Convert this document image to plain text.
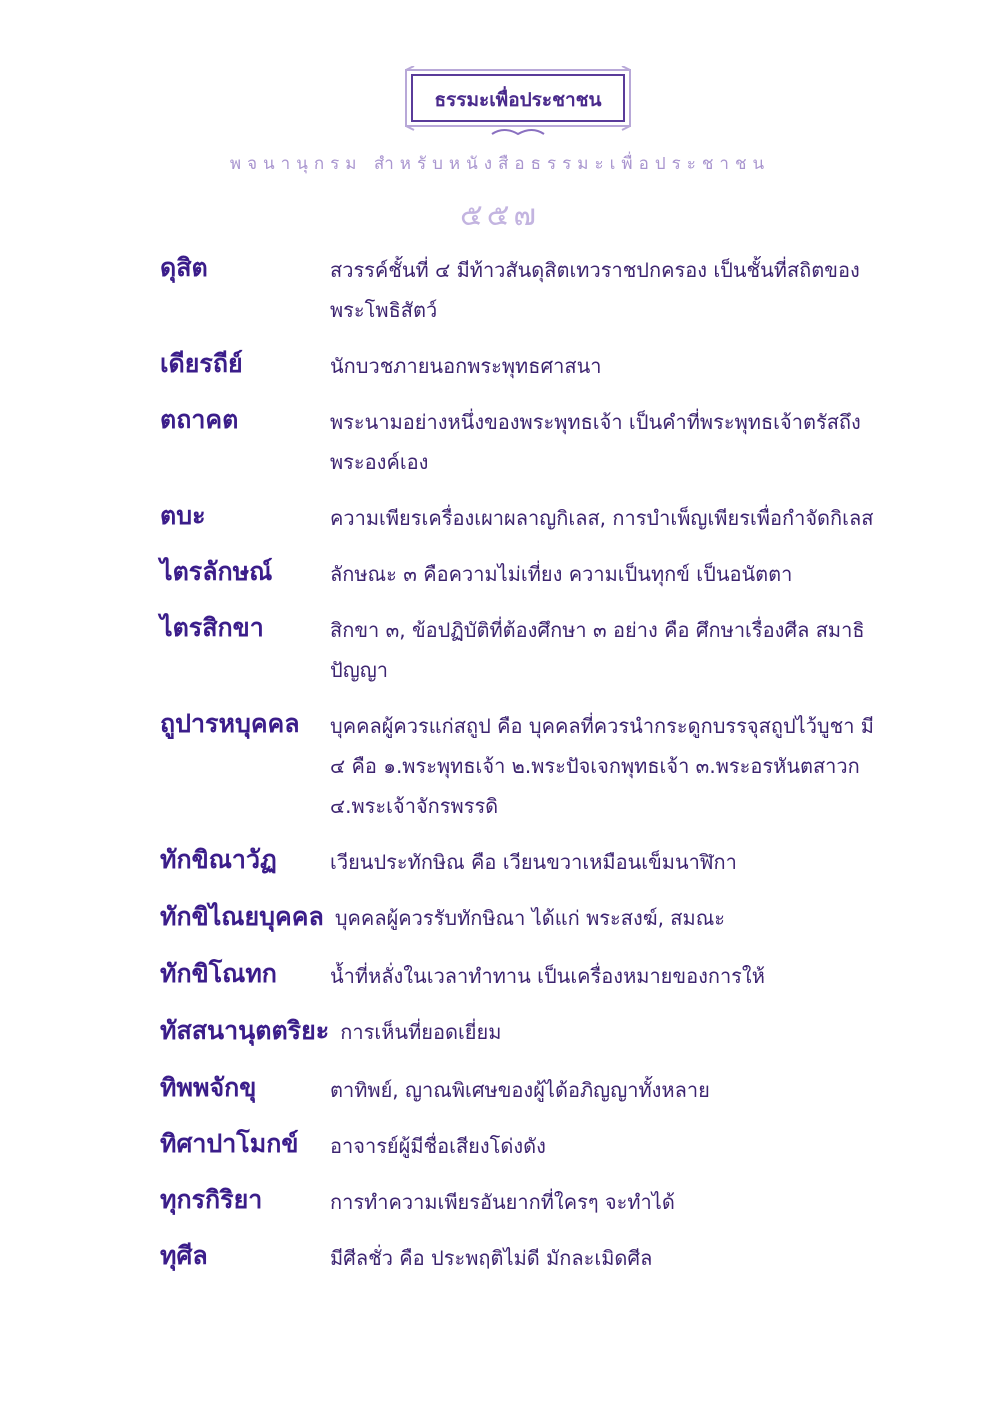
ธรรมะเพื่อประชาชน
พจนานุกรม สำหรับหนังสือธรรมะเพื่อประชาชน
๕๕๗
ดุสิต	สวรรค์ชั้นที่ ๔ มีท้าวสันดุสิตเทวราชปกครอง เป็นชั้นที่สถิตของพระโพธิสัตว์
เดียรถีย์	นักบวชภายนอกพระพุทธศาสนา
ตถาคต	พระนามอย่างหนึ่งของพระพุทธเจ้า เป็นคำที่พระพุทธเจ้าตรัสถึงพระองค์เอง
ตบะ	ความเพียรเครื่องเผาผลาญกิเลส, การบำเพ็ญเพียรเพื่อกำจัดกิเลส
ไตรลักษณ์	ลักษณะ ๓ คือความไม่เที่ยง ความเป็นทุกข์ เป็นอนัตตา
ไตรสิกขา	สิกขา ๓, ข้อปฏิบัติที่ต้องศึกษา ๓ อย่าง คือ ศึกษาเรื่องศีล สมาธิ ปัญญา
ถูปารหบุคคล บุคคลผู้ควรแก่สถูป คือ บุคคลที่ควรนำกระดูกบรรจุสถูปไว้บูชา มี ๔ คือ ๑.พระพุทธเจ้า ๒.พระปัจเจกพุทธเจ้า ๓.พระอรหันตสาวก ๔.พระเจ้าจักรพรรดิ
ทักขิณาวัฏ	เวียนประทักษิณ คือ เวียนขวาเหมือนเข็มนาฬิกา
ทักขิไณยบุคคล บุคคลผู้ควรรับทักษิณา ได้แก่ พระสงฆ์, สมณะ
ทักขิโณทก	น้ำที่หลั่งในเวลาทำทาน เป็นเครื่องหมายของการให้
ทัสสนานุตตริยะ การเห็นที่ยอดเยี่ยม
ทิพพจักขุ	ตาทิพย์, ญาณพิเศษของผู้ได้อภิญญาทั้งหลาย
ทิศาปาโมกข์ อาจารย์ผู้มีชื่อเสียงโด่งดัง
ทุกรกิริยา	การทำความเพียรอันยากที่ใครๆ จะทำได้
ทุศีล	มีศีลชั่ว คือ ประพฤติไม่ดี มักละเมิดศีล
